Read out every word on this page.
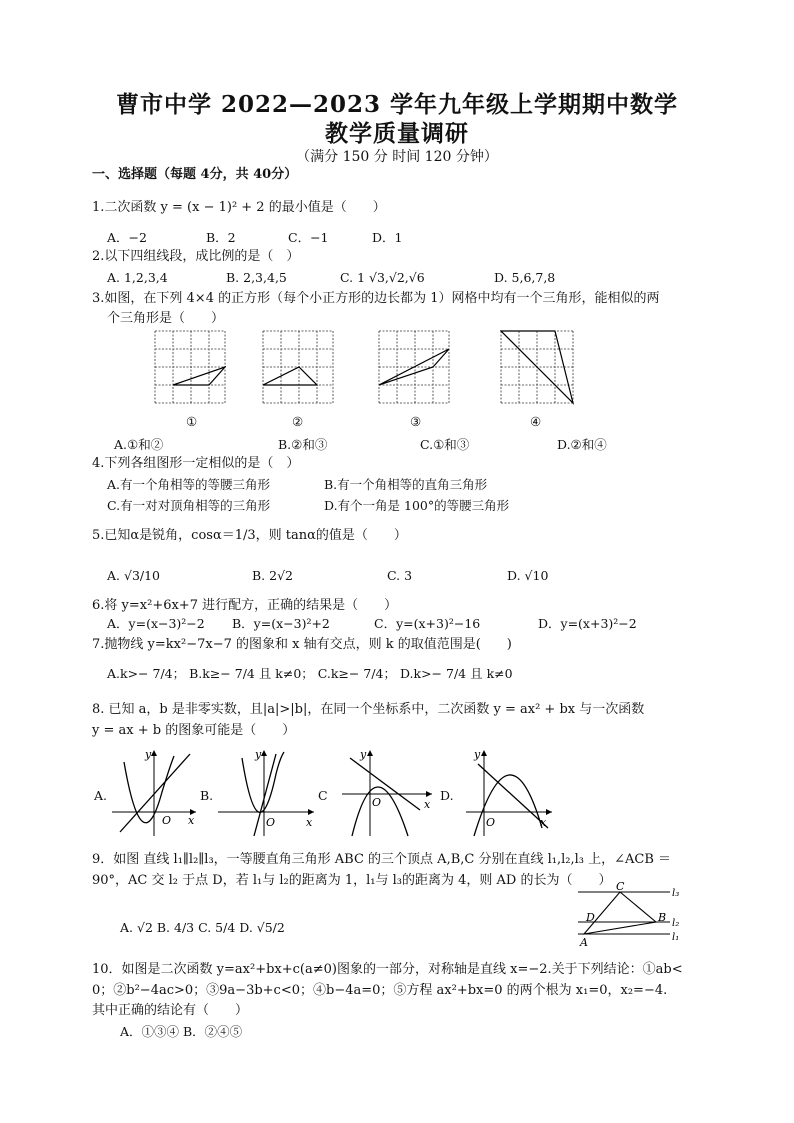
曹市中学 2022—2023 学年九年级上学期期中数学
教学质量调研
（满分 150 分 时间 120 分钟）
一、选择题（每题 4分，共 40分）
1.二次函数 y = (x − 1)² + 2 的最小值是（　　）
A．−2	B．2	C．−1	D．1
2.以下四组线段，成比例的是（　）
A. 1,2,3,4	B. 2,3,4,5	C. 1 √3,√2,√6	D. 5,6,7,8
3.如图，在下列 4×4 的正方形（每个小正方形的边长都为 1）网格中均有一个三角形，能相似的两
个三角形是（　　）
①	②	③	④
A.①和②	B.②和③	C.①和③	D.②和④
4.下列各组图形一定相似的是（　）
A.有一个角相等的等腰三角形	B.有一个角相等的直角三角形
C.有一对对顶角相等的三角形	D.有个一角是 100°的等腰三角形
5.已知α是锐角，cosα＝1/3，则 tanα的值是（　　）
A. √3/10	B. 2√2	C. 3	D. √10
6.将 y=x²+6x+7 进行配方，正确的结果是（　　）
A．y=(x−3)²−2 B．y=(x−3)²+2	C．y=(x+3)²−16	D．y=(x+3)²−2
7.抛物线 y=kx²−7x−7 的图象和 x 轴有交点，则 k 的取值范围是(　　)
A.k>− 7/4； B.k≥− 7/4 且 k≠0； C.k≥− 7/4； D.k>− 7/4 且 k≠0
8. 已知 a，b 是非零实数，且|a|>|b|，在同一个坐标系中，二次函数 y = ax² + bx 与一次函数
y = ax + b 的图象可能是（　　）
A.
y
x
O
B.
y
x
O
C
y
x
O	D.
y
x
O
9．如图 直线 l₁∥l₂∥l₃，一等腰直角三角形 ABC 的三个顶点 A,B,C 分别在直线 l₁,l₂,l₃ 上，∠ACB ＝
90°，AC 交 l₂ 于点 D，若 l₁与 l₂的距离为 1，l₁与 l₃的距离为 4，则 AD 的长为（　　）
A. √2 B. 4/3 C. 5/4 D. √5/2
C
D	B
A
l₃
l₂
l₁
10．如图是二次函数 y=ax²+bx+c(a≠0)图象的一部分，对称轴是直线 x=−2.关于下列结论：①ab<
0；②b²−4ac>0；③9a−3b+c<0；④b−4a=0；⑤方程 ax²+bx=0 的两个根为 x₁=0，x₂=−4.
其中正确的结论有（　　）
A．①③④ B．②④⑤
